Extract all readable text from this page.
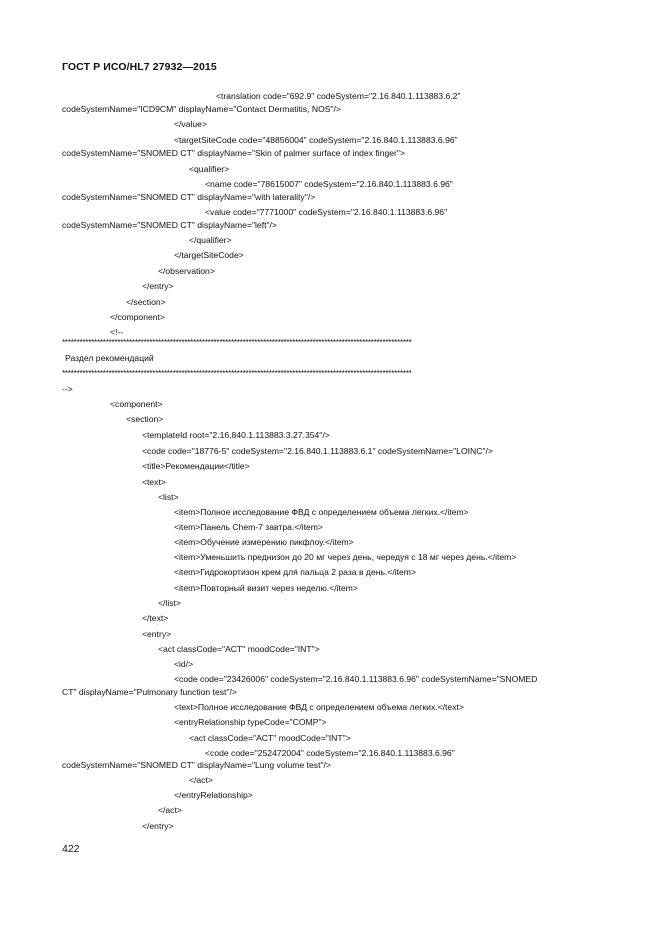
ГОСТ Р ИСО/HL7 27932—2015
<translation code="692.9" codeSystem="2.16.840.1.113883.6.2"
codeSystemName="ICD9CM" displayName="Contact Dermatitis, NOS"/>
</value>
<targetSiteCode code="48856004" codeSystem="2.16.840.1.113883.6.96"
codeSystemName="SNOMED CT" displayName="Skin of palmer surface of index finger">
<qualifier>
<name code="78615007" codeSystem="2.16.840.1.113883.6.96"
codeSystemName="SNOMED CT" displayName="with laterality"/>
<value code="7771000" codeSystem="2.16.840.1.113883.6.96"
codeSystemName="SNOMED CT" displayName="left"/>
</qualifier>
</targetSiteCode>
</observation>
</entry>
</section>
</component>
<!--
Раздел рекомендаций
-->
<component>
<section>
<templateId root="2.16.840.1.113883.3.27.354"/>
<code code="18776-5" codeSystem="2.16.840.1.113883.6.1" codeSystemName="LOINC"/>
<title>Рекомендации</title>
<text>
<list>
<item>Полное исследование ФВД с определением объема легких.</item>
<item>Панель Chem-7 завтра.</item>
<item>Обучение измерению пикфлоу.</item>
<item>Уменьшить преднизон до 20 мг через день, чередуя с 18 мг через день.</item>
<item>Гидрокортизон крем для пальца 2 раза в день.</item>
<item>Повторный визит через неделю.</item>
</list>
</text>
<entry>
<act classCode="ACT" moodCode="INT">
<id/>
<code code="23426006" codeSystem="2.16.840.1.113883.6.96" codeSystemName="SNOMED
CT" displayName="Pulmonary function test"/>
<text>Полное исследование ФВД с определением объема легких.</text>
<entryRelationship typeCode="COMP">
<act classCode="ACT" moodCode="INT">
<code code="252472004" codeSystem="2.16.840.1.113883.6.96"
codeSystemName="SNOMED CT" displayName="Lung volume test"/>
</act>
</entryRelationship>
</act>
</entry>
************************************************************************************************************************
************************************************************************************************************************
422
